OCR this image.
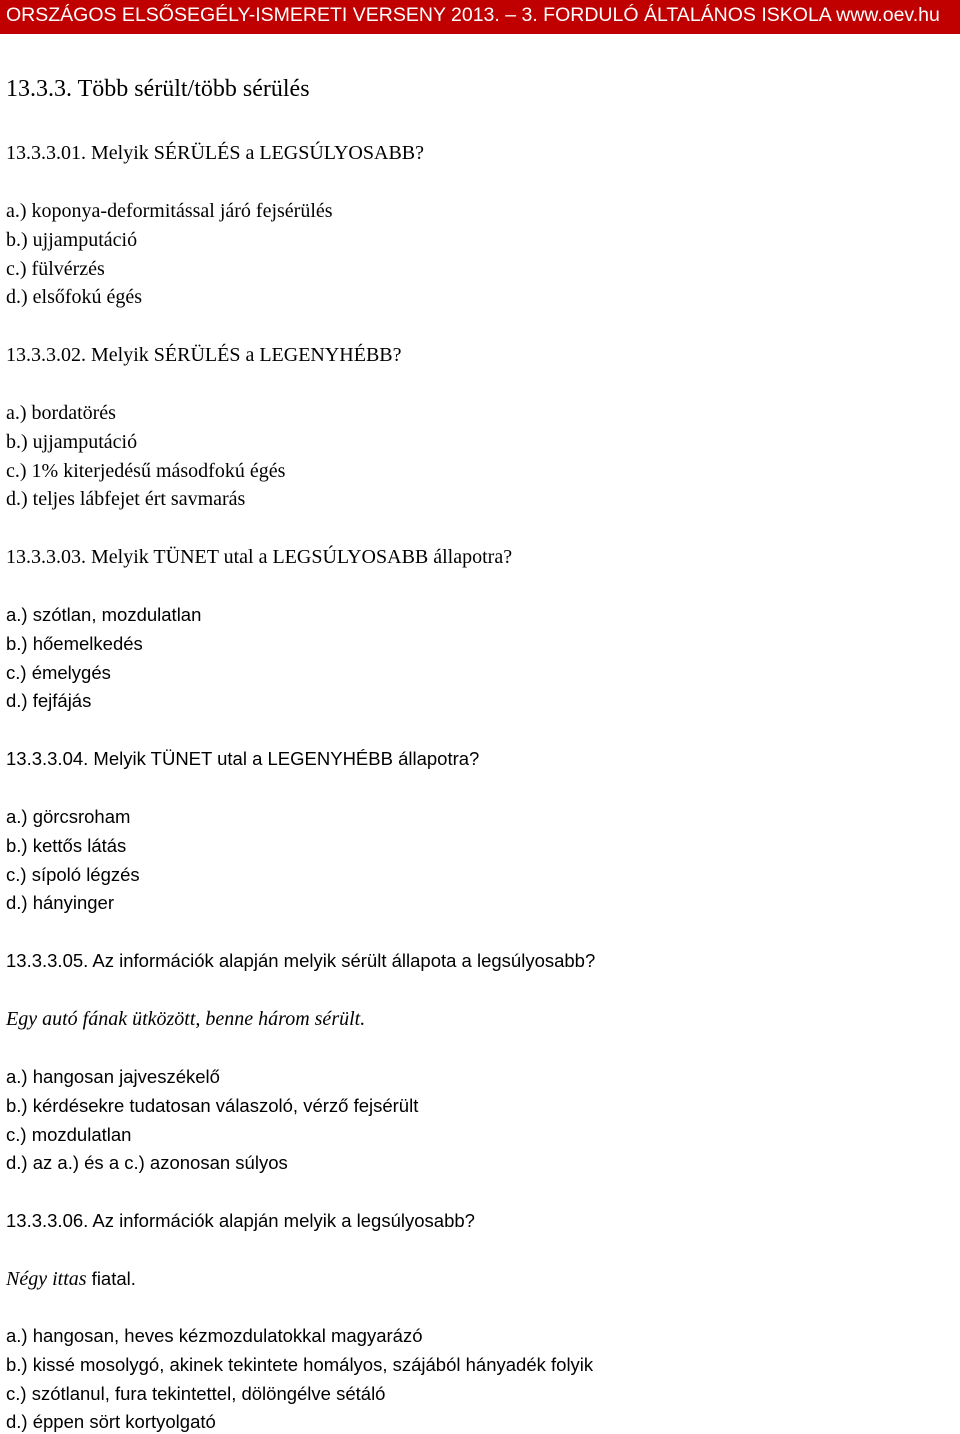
ORSZÁGOS ELSŐSEGÉLY-ISMERETI VERSENY 2013. – 3. FORDULÓ ÁLTALÁNOS ISKOLA www.oev.hu
13.3.3. Több sérült/több sérülés
13.3.3.01. Melyik SÉRÜLÉS a LEGSÚLYOSABB?
a.) koponya-deformitással járó fejsérülés
b.) ujjamputáció
c.) fülvérzés
d.) elsőfokú égés
13.3.3.02. Melyik SÉRÜLÉS a LEGENYHÉBB?
a.) bordatörés
b.) ujjamputáció
c.) 1% kiterjedésű másodfokú égés
d.) teljes lábfejet ért savmarás
13.3.3.03. Melyik TÜNET utal a LEGSÚLYOSABB állapotra?
a.) szótlan, mozdulatlan
b.) hőemelkedés
c.) émelygés
d.) fejfájás
13.3.3.04. Melyik TÜNET utal a LEGENYHÉBB állapotra?
a.) görcsroham
b.) kettős látás
c.) sípoló légzés
d.) hányinger
13.3.3.05. Az információk alapján melyik sérült állapota a legsúlyosabb?
Egy autó fának ütközött, benne három sérült.
a.) hangosan jajveszékelő
b.) kérdésekre tudatosan válaszoló, vérző fejsérült
c.) mozdulatlan
d.) az a.) és a c.) azonosan súlyos
13.3.3.06. Az információk alapján melyik a legsúlyosabb?
Négy ittas fiatal.
a.) hangosan, heves kézmozdulatokkal magyarázó
b.) kissé mosolygó, akinek tekintete homályos, szájából hányadék folyik
c.) szótlanul, fura tekintettel, dölöngélve sétáló
d.) éppen sört kortyolgató
